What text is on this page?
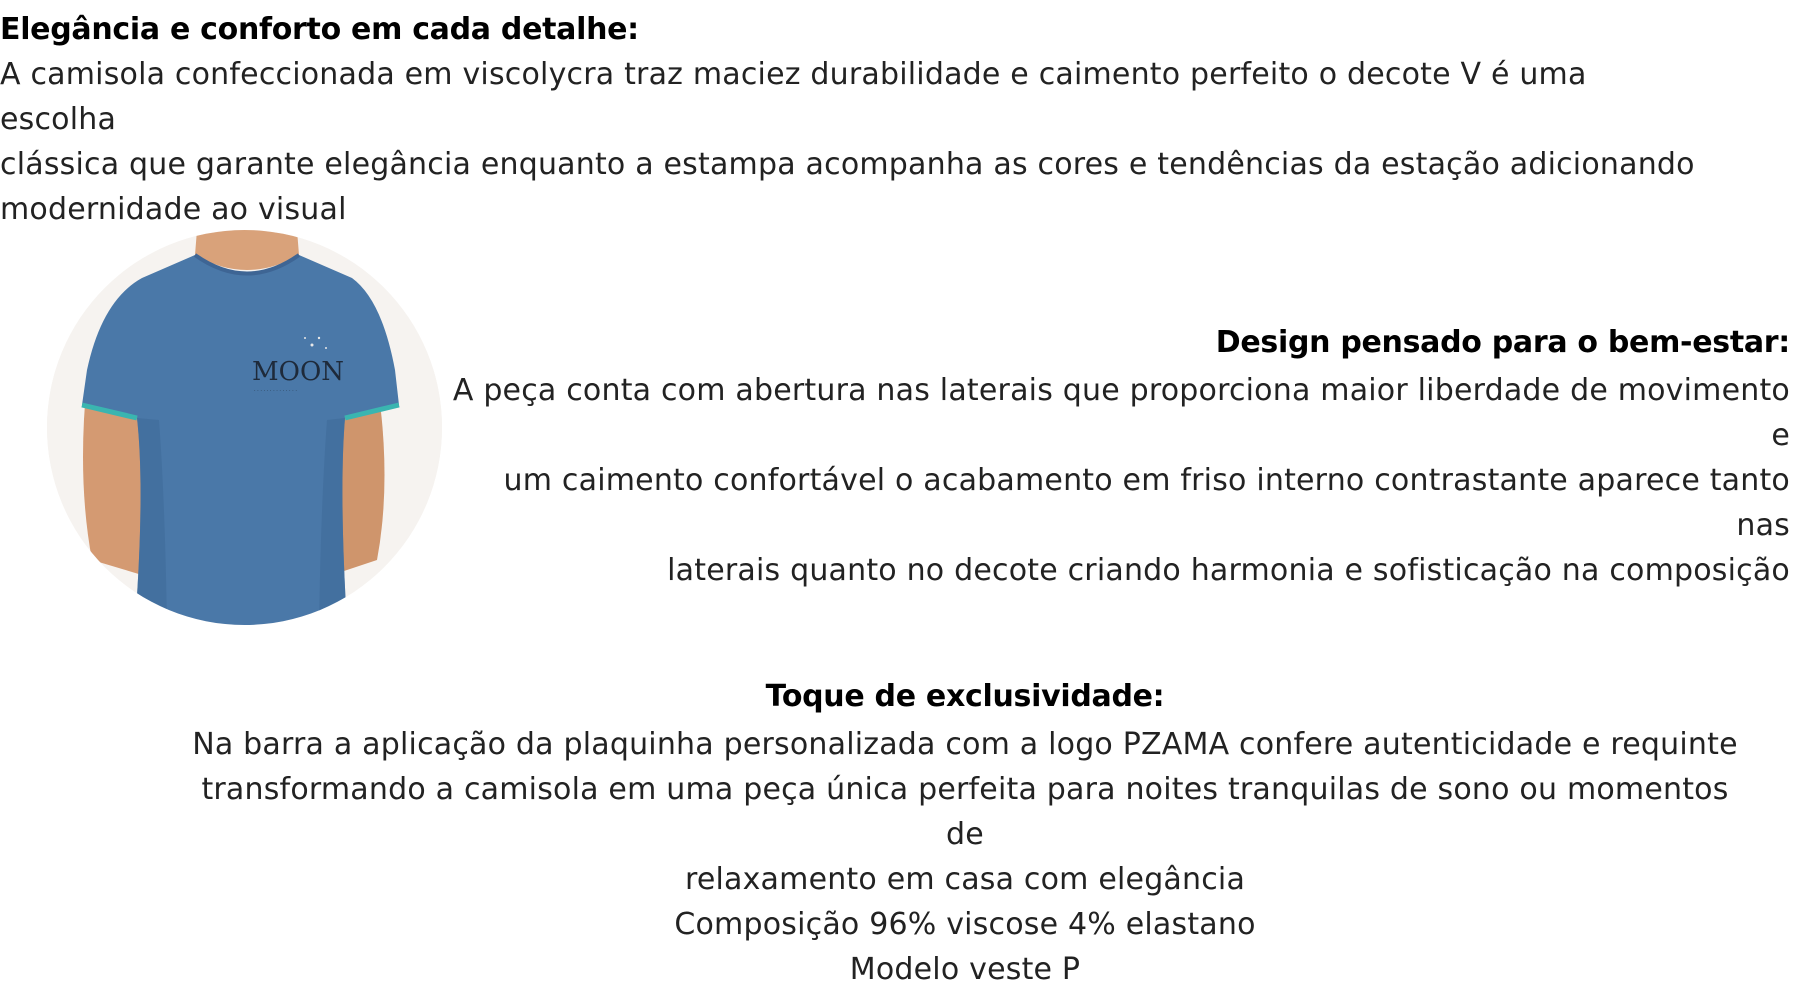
Elegância e conforto em cada detalhe:
A camisola confeccionada em viscolycra traz maciez durabilidade e caimento perfeito o decote V é uma escolha
clássica que garante elegância enquanto a estampa acompanha as cores e tendências da estação adicionando
modernidade ao visual
MOON
· · · · · · · · · · · · · ·
Design pensado para o bem-estar:
A peça conta com abertura nas laterais que proporciona maior liberdade de movimento e
um caimento confortável o acabamento em friso interno contrastante aparece tanto nas
laterais quanto no decote criando harmonia e sofisticação na composição
Toque de exclusividade:
Na barra a aplicação da plaquinha personalizada com a logo PZAMA confere autenticidade e requinte
transformando a camisola em uma peça única perfeita para noites tranquilas de sono ou momentos de
relaxamento em casa com elegância
Composição 96% viscose 4% elastano
Modelo veste P
